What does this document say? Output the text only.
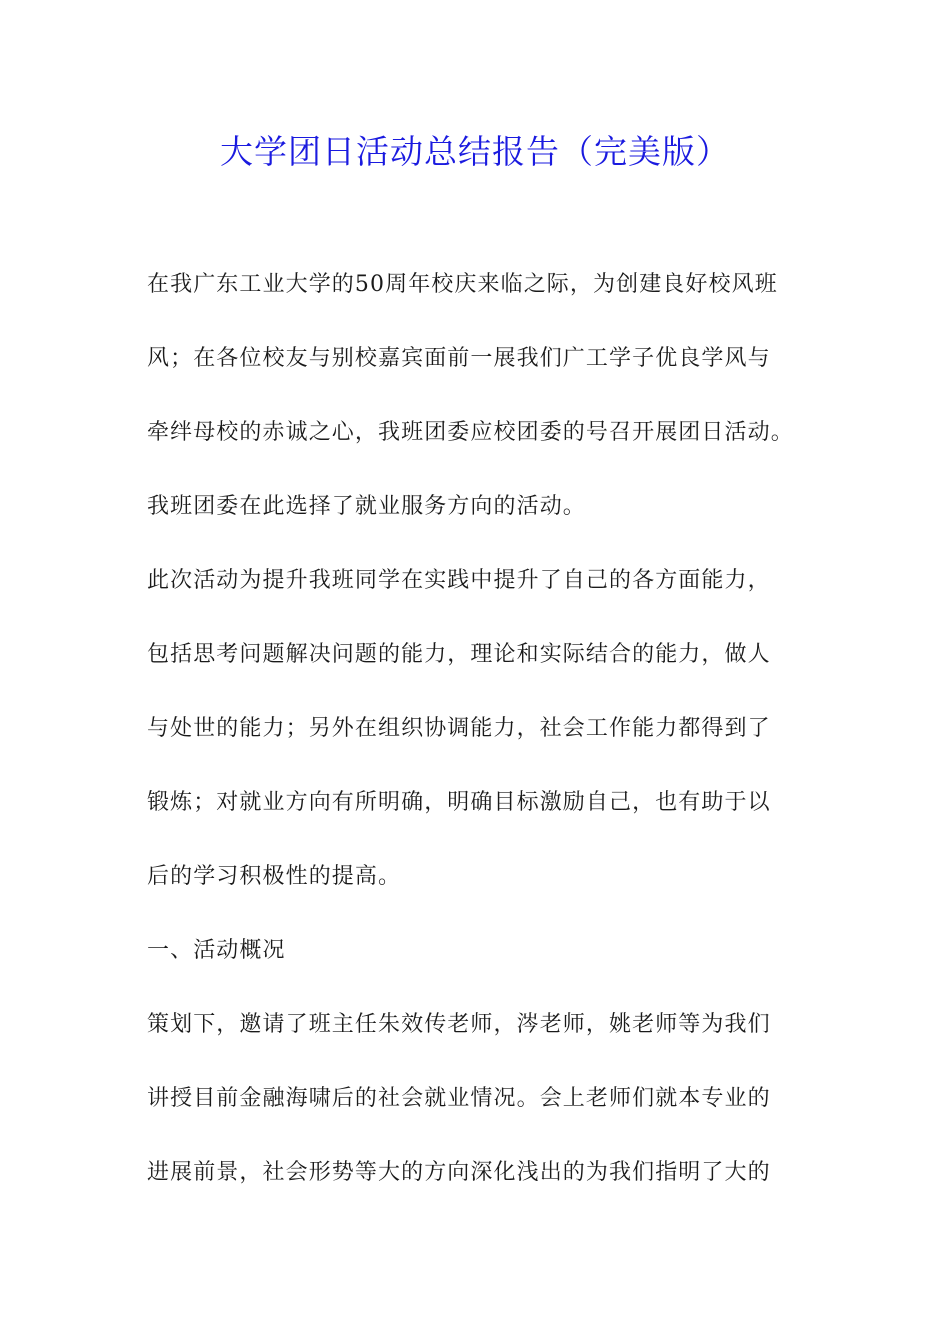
大学团日活动总结报告（完美版）
在我广东工业大学的50周年校庆来临之际，为创建良好校风班
风；在各位校友与别校嘉宾面前一展我们广工学子优良学风与
牵绊母校的赤诚之心，我班团委应校团委的号召开展团日活动。
我班团委在此选择了就业服务方向的活动。
此次活动为提升我班同学在实践中提升了自己的各方面能力，
包括思考问题解决问题的能力，理论和实际结合的能力，做人
与处世的能力；另外在组织协调能力，社会工作能力都得到了
锻炼；对就业方向有所明确，明确目标激励自己，也有助于以
后的学习积极性的提高。
一、活动概况
策划下，邀请了班主任朱效传老师，涔老师，姚老师等为我们
讲授目前金融海啸后的社会就业情况。会上老师们就本专业的
进展前景，社会形势等大的方向深化浅出的为我们指明了大的
